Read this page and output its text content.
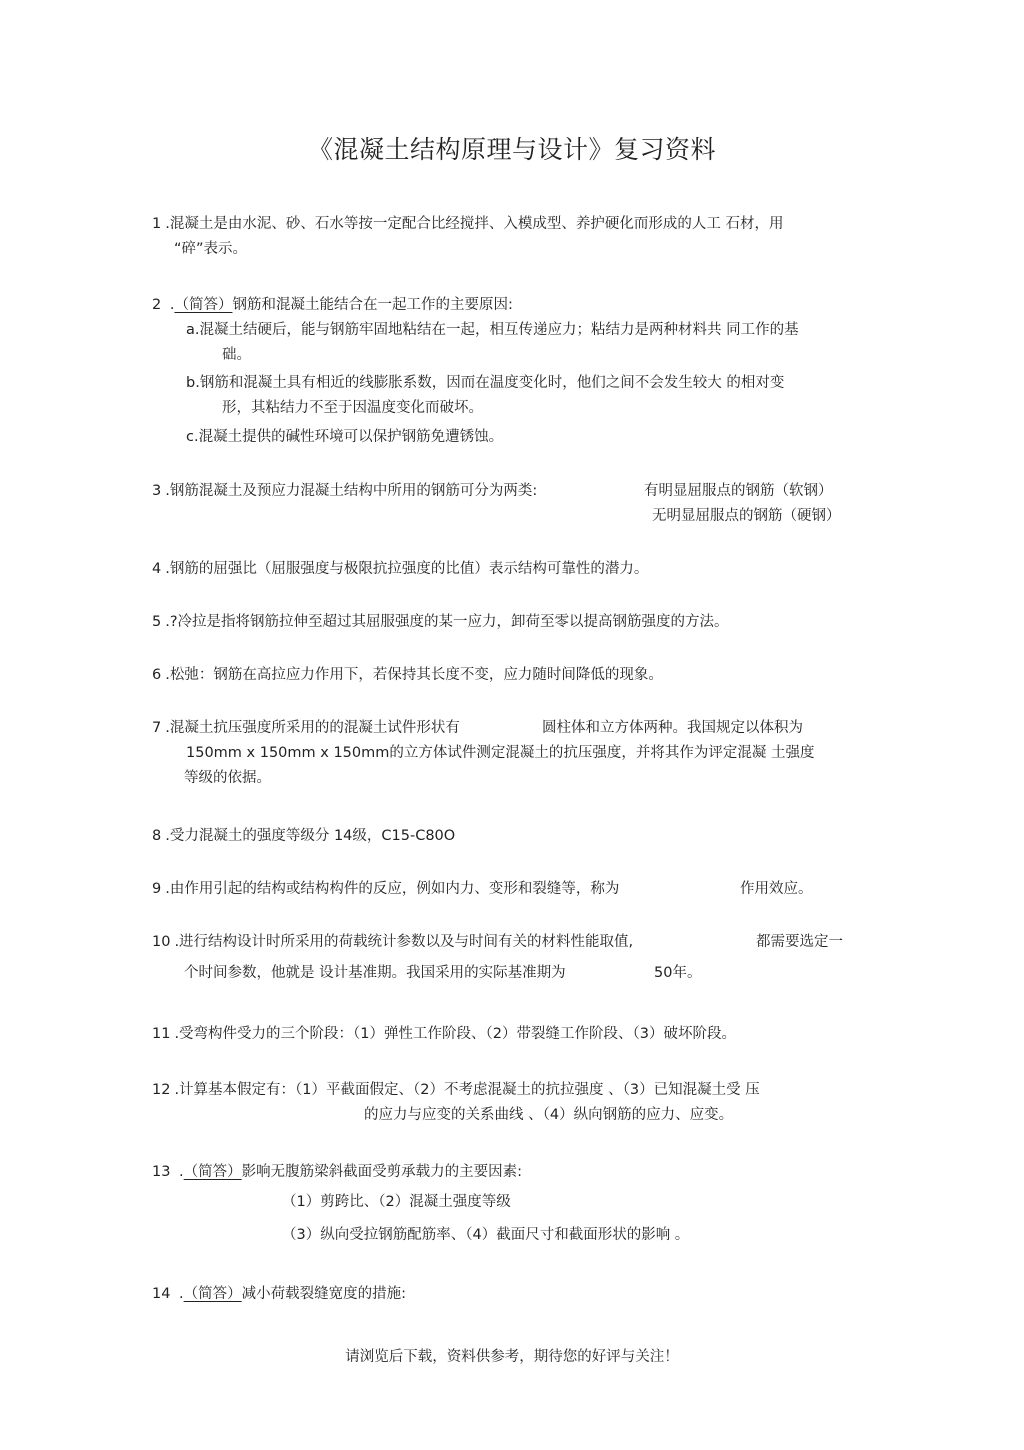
《混凝土结构原理与设计》复习资料
1 .混凝土是由水泥、砂、石水等按一定配合比经搅拌、入模成型、养护硬化而形成的人工 石材，用
“碎”表示。
2 .（简答）钢筋和混凝土能结合在一起工作的主要原因:
a.混凝土结硬后，能与钢筋牢固地粘结在一起，相互传递应力；粘结力是两种材料共 同工作的基
础。
b.钢筋和混凝土具有相近的线膨胀系数，因而在温度变化时，他们之间不会发生较大 的相对变
形，其粘结力不至于因温度变化而破坏。
c.混凝土提供的碱性环境可以保护钢筋免遭锈蚀。
3 .钢筋混凝土及预应力混凝土结构中所用的钢筋可分为两类:	有明显屈服点的钢筋（软钢）
无明显屈服点的钢筋（硬钢）
4 .钢筋的屈强比（屈服强度与极限抗拉强度的比值）表示结构可靠性的潜力。
5 .?冷拉是指将钢筋拉伸至超过其屈服强度的某一应力，卸荷至零以提高钢筋强度的方法。
6 .松弛：钢筋在高拉应力作用下，若保持其长度不变，应力随时间降低的现象。
7 .混凝土抗压强度所采用的的混凝土试件形状有	圆柱体和立方体两种。我国规定以体积为
150mm x 150mm x 150mm的立方体试件测定混凝土的抗压强度，并将其作为评定混凝 土强度
等级的依据。
8 .受力混凝土的强度等级分 14级，C15-C80O
9 .由作用引起的结构或结构构件的反应，例如内力、变形和裂缝等，称为	作用效应。
10 .进行结构设计时所采用的荷载统计参数以及与时间有关的材料性能取值,	都需要选定一
个时间参数，他就是 设计基准期。我国采用的实际基准期为	50年。
11 .受弯构件受力的三个阶段：（1）弹性工作阶段、（2）带裂缝工作阶段、（3）破坏阶段。
12 .计算基本假定有：（1）平截面假定、（2）不考虑混凝土的抗拉强度 、（3）已知混凝土受 压
的应力与应变的关系曲线 、（4）纵向钢筋的应力、应变。
13 .（简答）影响无腹筋梁斜截面受剪承载力的主要因素:
（1）剪跨比、（2）混凝土强度等级
（3）纵向受拉钢筋配筋率、（4）截面尺寸和截面形状的影响 。
14 .（简答）减小荷载裂缝宽度的措施:
请浏览后下载，资料供参考，期待您的好评与关注！
